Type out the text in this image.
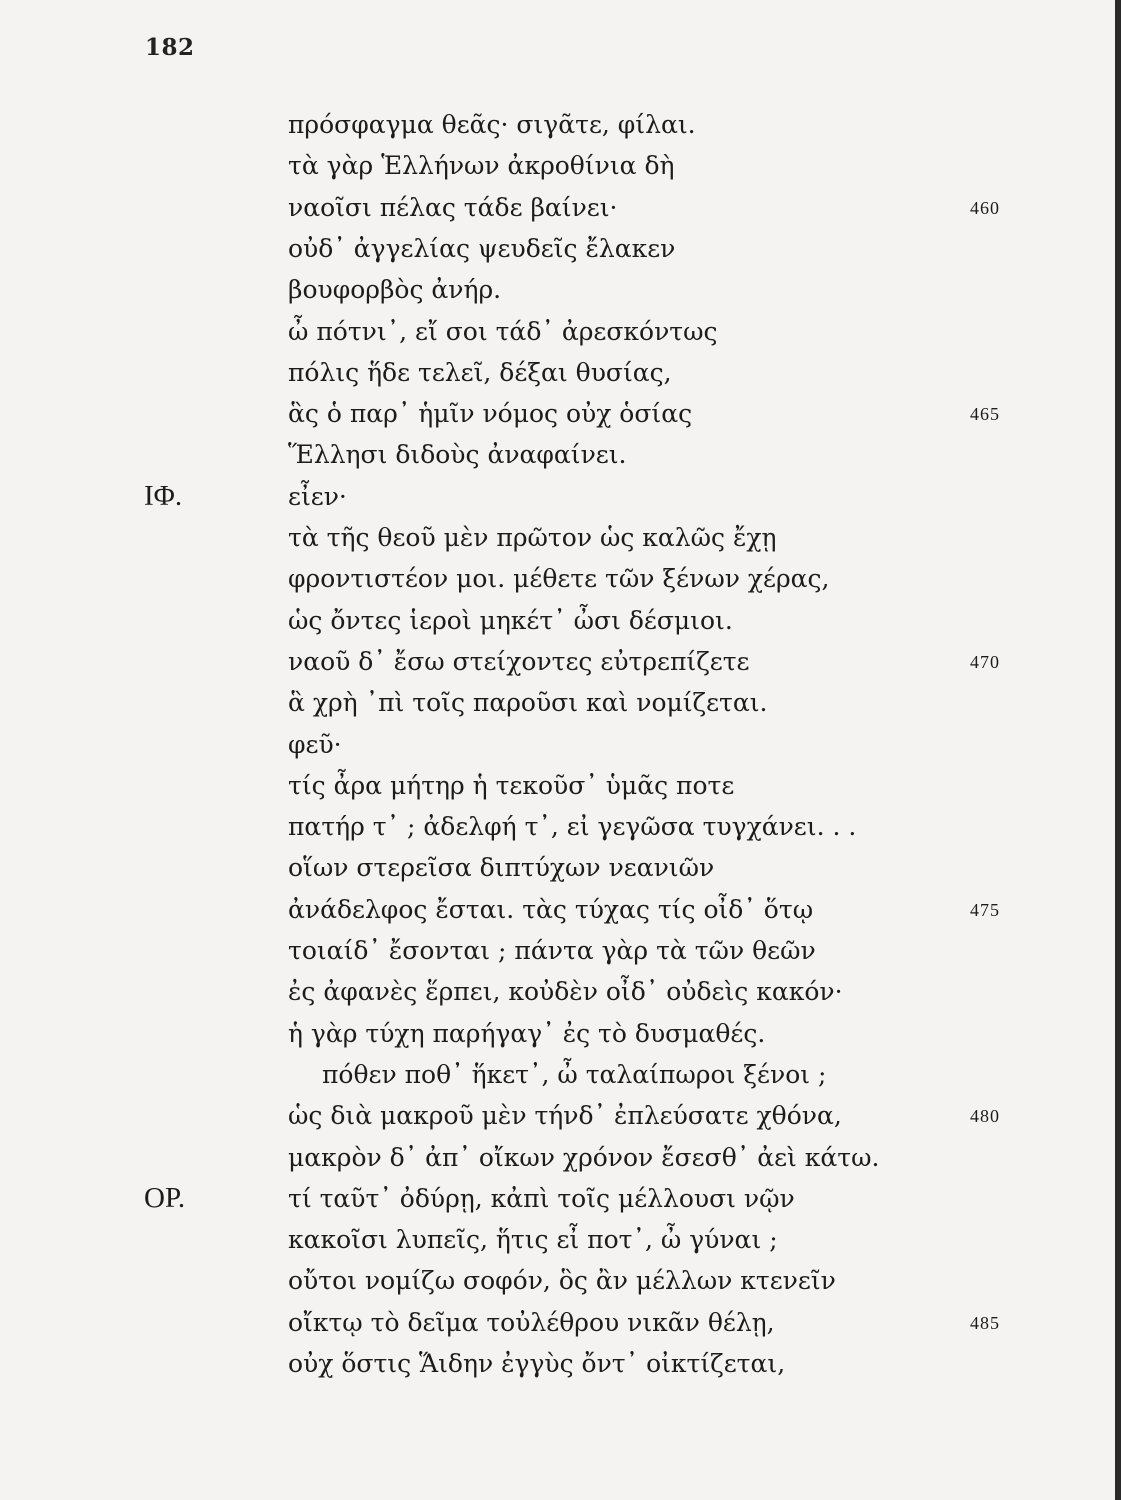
182
πρόσφαγμα θεᾶς· σιγᾶτε, φίλαι.
τὰ γὰρ Ἑλλήνων ἀκροθίνια δὴ
ναοῖσι πέλας τάδε βαίνει·	460
οὐδ᾽ ἀγγελίας ψευδεῖς ἔλακεν
βουφορβὸς ἀνήρ.
ὦ πότνι᾽, εἴ σοι τάδ᾽ ἀρεσκόντως
πόλις ἥδε τελεῖ, δέξαι θυσίας,
ἃς ὁ παρ᾽ ἡμῖν νόμος οὐχ ὁσίας	465
Ἕλλησι διδοὺς ἀναφαίνει.
ΙΦ.	εἶεν·
τὰ τῆς θεοῦ μὲν πρῶτον ὡς καλῶς ἔχῃ
φροντιστέον μοι. μέθετε τῶν ξένων χέρας,
ὡς ὄντες ἱεροὶ μηκέτ᾽ ὦσι δέσμιοι.
ναοῦ δ᾽ ἔσω στείχοντες εὐτρεπίζετε	470
ἃ χρὴ ᾽πὶ τοῖς παροῦσι καὶ νομίζεται.
φεῦ·
τίς ἆρα μήτηρ ἡ τεκοῦσ᾽ ὑμᾶς ποτε
πατήρ τ᾽ ; ἀδελφή τ᾽, εἰ γεγῶσα τυγχάνει. . .
οἵων στερεῖσα διπτύχων νεανιῶν
ἀνάδελφος ἔσται. τὰς τύχας τίς οἶδ᾽ ὅτῳ	475
τοιαίδ᾽ ἔσονται ; πάντα γὰρ τὰ τῶν θεῶν
ἐς ἀφανὲς ἕρπει, κοὐδὲν οἶδ᾽ οὐδεὶς κακόν·
ἡ γὰρ τύχη παρήγαγ᾽ ἐς τὸ δυσμαθές.
πόθεν ποθ᾽ ἥκετ᾽, ὦ ταλαίπωροι ξένοι ;
ὡς διὰ μακροῦ μὲν τήνδ᾽ ἐπλεύσατε χθόνα,	480
μακρὸν δ᾽ ἀπ᾽ οἴκων χρόνον ἔσεσθ᾽ ἀεὶ κάτω.
ΟΡ.	τί ταῦτ᾽ ὀδύρῃ, κἀπὶ τοῖς μέλλουσι νῷν
κακοῖσι λυπεῖς, ἥτις εἶ ποτ᾽, ὦ γύναι ;
οὔτοι νομίζω σοφόν, ὃς ἂν μέλλων κτενεῖν
οἴκτῳ τὸ δεῖμα τοὐλέθρου νικᾶν θέλῃ,	485
οὐχ ὅστις Ἅιδην ἐγγὺς ὄντ᾽ οἰκτίζεται,
